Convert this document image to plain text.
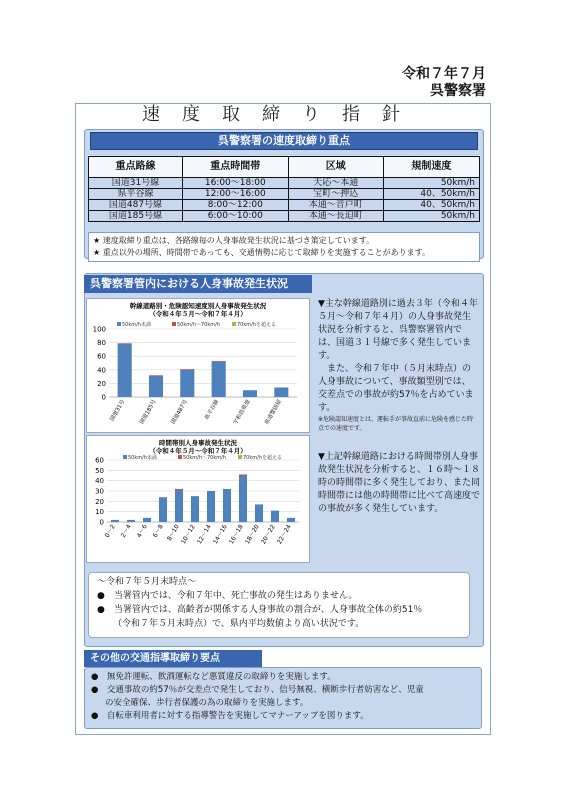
令和７年７月
呉警察署
速度取締り指針
呉警察署の速度取締り重点
重点路線	重点時間帯	区域	規制速度
国道31号線	16:00～18:00	天応～本通	50km/h
県平谷線	12:00～16:00	宝町～押込	40、50km/h
国道487号線	8:00～12:00	本通～音戸町	40、50km/h
国道185号線	6:00～10:00	本通～長迫町	50km/h
★ 速度取締り重点は、各路線毎の人身事故発生状況に基づき策定しています。
★ 重点以外の場所、時間帯であっても、交通情勢に応じて取締りを実施することがあります。
呉警察署管内における人身事故発生状況
幹線道路別・危険認知速度別人身事故発生状況
（令和４年５月～令和７年４月）
50km/h未満	50km/h～70km/h	70km/hを超える
0
20
40
60
80
100
国道31号	国道185号	国道487号	県平谷線	宇和島県道	県道警固屋
時間帯別人身事故発生状況
（令和４年５月～令和７年４月）
50km/h未満	50km/h～70km/h	70km/hを超える
0
10
20
30
40
50
60
0～2 2～4 4～6 6～8 8～10 10～12 12～14 14～16 16～18 18～20 20～22 22～24
▼主な幹線道路別に過去３年（令和４年５月～令和７年４月）の人身事故発生状況を分析すると、呉警察署管内では、国道３１号線で多く発生しています。
また、令和７年中（５月末時点）の人身事故について、事故類型別では、交差点での事故が約57％を占めています。
※危険認知速度とは、運転手が事故直前に危険を感じた時点での速度です。
▼上記幹線道路における時間帯別人身事故発生状況を分析すると、１６時～１８時の時間帯に多く発生しており、また同時間帯には他の時間帯に比べて高速度での事故が多く発生しています。
～令和７年５月末時点～
●　当署管内では、令和７年中、死亡事故の発生はありません。
●　当署管内では、高齢者が関係する人身事故の割合が、人身事故全体の約51％
（令和７年５月末時点）で、県内平均数値より高い状況です。
その他の交通指導取締り要点
●　無免許運転、飲酒運転など悪質違反の取締りを実施します。
●　交通事故の約57％が交差点で発生しており、信号無視、横断歩行者妨害など、児童
の安全確保、歩行者保護の為の取締りを実施します。
●　自転車利用者に対する指導警告を実施してマナーアップを図ります。
